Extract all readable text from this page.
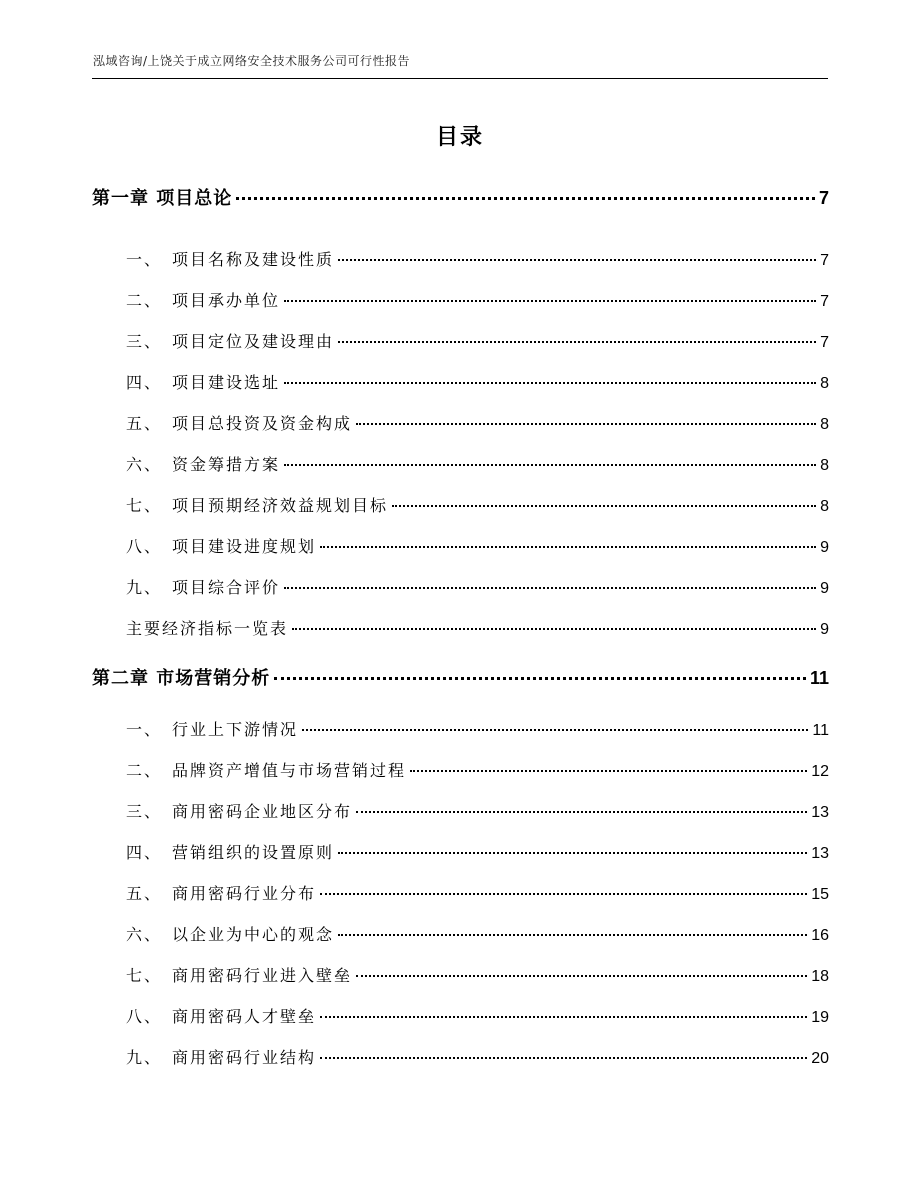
泓域咨询/上饶关于成立网络安全技术服务公司可行性报告
目录
第一章 项目总论	7
一、 项目名称及建设性质	7
二、 项目承办单位	7
三、 项目定位及建设理由	7
四、 项目建设选址	8
五、 项目总投资及资金构成	8
六、 资金筹措方案	8
七、 项目预期经济效益规划目标	8
八、 项目建设进度规划	9
九、 项目综合评价	9
主要经济指标一览表	9
第二章 市场营销分析	11
一、 行业上下游情况	11
二、 品牌资产增值与市场营销过程	12
三、 商用密码企业地区分布	13
四、 营销组织的设置原则	13
五、 商用密码行业分布	15
六、 以企业为中心的观念	16
七、 商用密码行业进入壁垒	18
八、 商用密码人才壁垒	19
九、 商用密码行业结构	20
